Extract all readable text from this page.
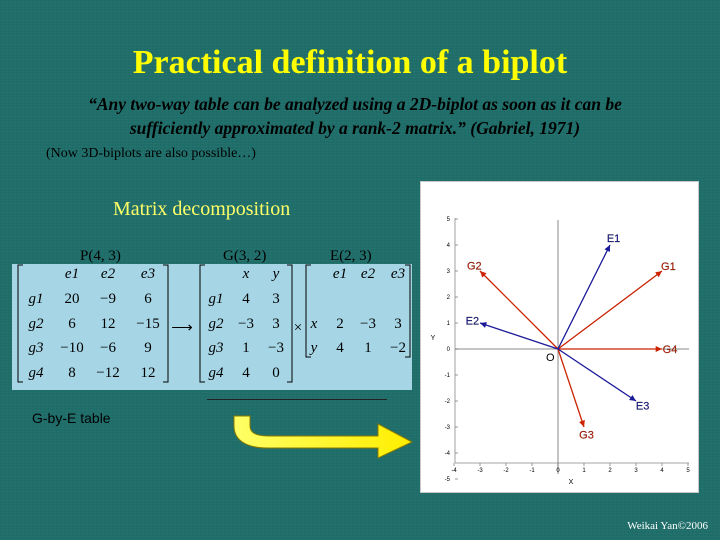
Practical definition of a biplot
“Any two-way table can be analyzed using a 2D-biplot as soon as it can be
sufficiently approximated by a rank-2 matrix.” (Gabriel, 1971)
(Now 3D-biplots are also possible…)
Matrix decomposition
P(4, 3)	G(3, 2)	E(2, 3)
e1 e2 e3
g1 20 −9 6
g2 6 12 −15
g3 −10 −6 9
g4 8 −12 12
⟶
x y
g1 4 3
g2 −3 3
g3 1 −3
g4 4 0
×
e1 e2 e3
x 2 −3 3
y 4 1 −2
G-by-E table
-4	-3	-2	-1	0	1	2	3	4	5
X
5
4
3
2
1
0
-1
-2
-3
-4
-5
Y
O
G1
G2
G3
G4
E1
E2
E3
Weikai Yan©2006
